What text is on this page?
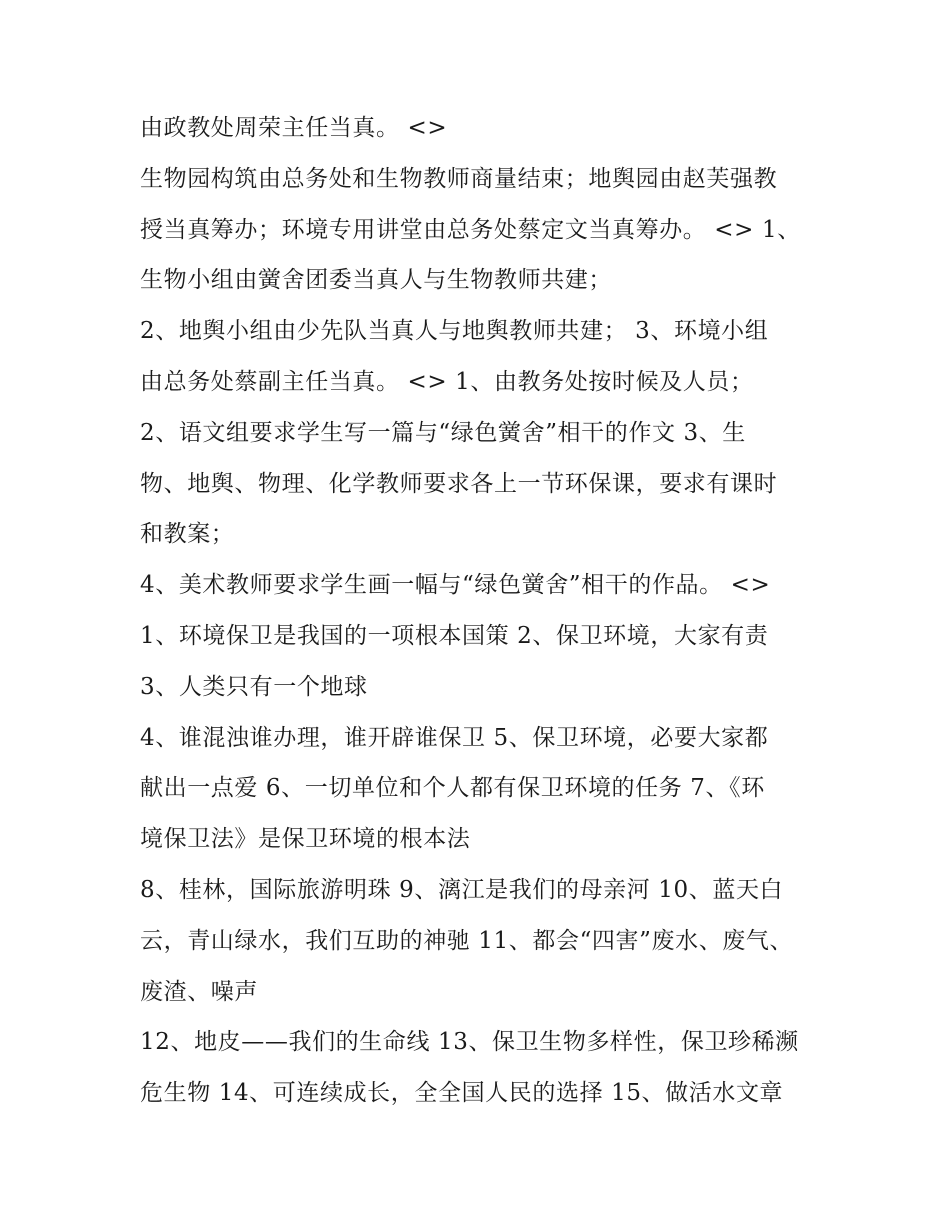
由政教处周荣主任当真。 <>
生物园构筑由总务处和生物教师商量结束；地舆园由赵芙强教
授当真筹办；环境专用讲堂由总务处蔡定文当真筹办。 <> 1、
生物小组由黉舍团委当真人与生物教师共建；
2、地舆小组由少先队当真人与地舆教师共建； 3、环境小组
由总务处蔡副主任当真。 <> 1、由教务处按时候及人员；
2、语文组要求学生写一篇与“绿色黉舍”相干的作文 3、生
物、地舆、物理、化学教师要求各上一节环保课，要求有课时
和教案；
4、美术教师要求学生画一幅与“绿色黉舍”相干的作品。 <>
1、环境保卫是我国的一项根本国策 2、保卫环境，大家有责
3、人类只有一个地球
4、谁混浊谁办理，谁开辟谁保卫 5、保卫环境，必要大家都
献出一点爱 6、一切单位和个人都有保卫环境的任务 7、《环
境保卫法》是保卫环境的根本法
8、桂林，国际旅游明珠 9、漓江是我们的母亲河 10、蓝天白
云，青山绿水，我们互助的神驰 11、都会“四害”废水、废气、
废渣、噪声
12、地皮——我们的生命线 13、保卫生物多样性，保卫珍稀濒
危生物 14、可连续成长，全全国人民的选择 15、做活水文章
